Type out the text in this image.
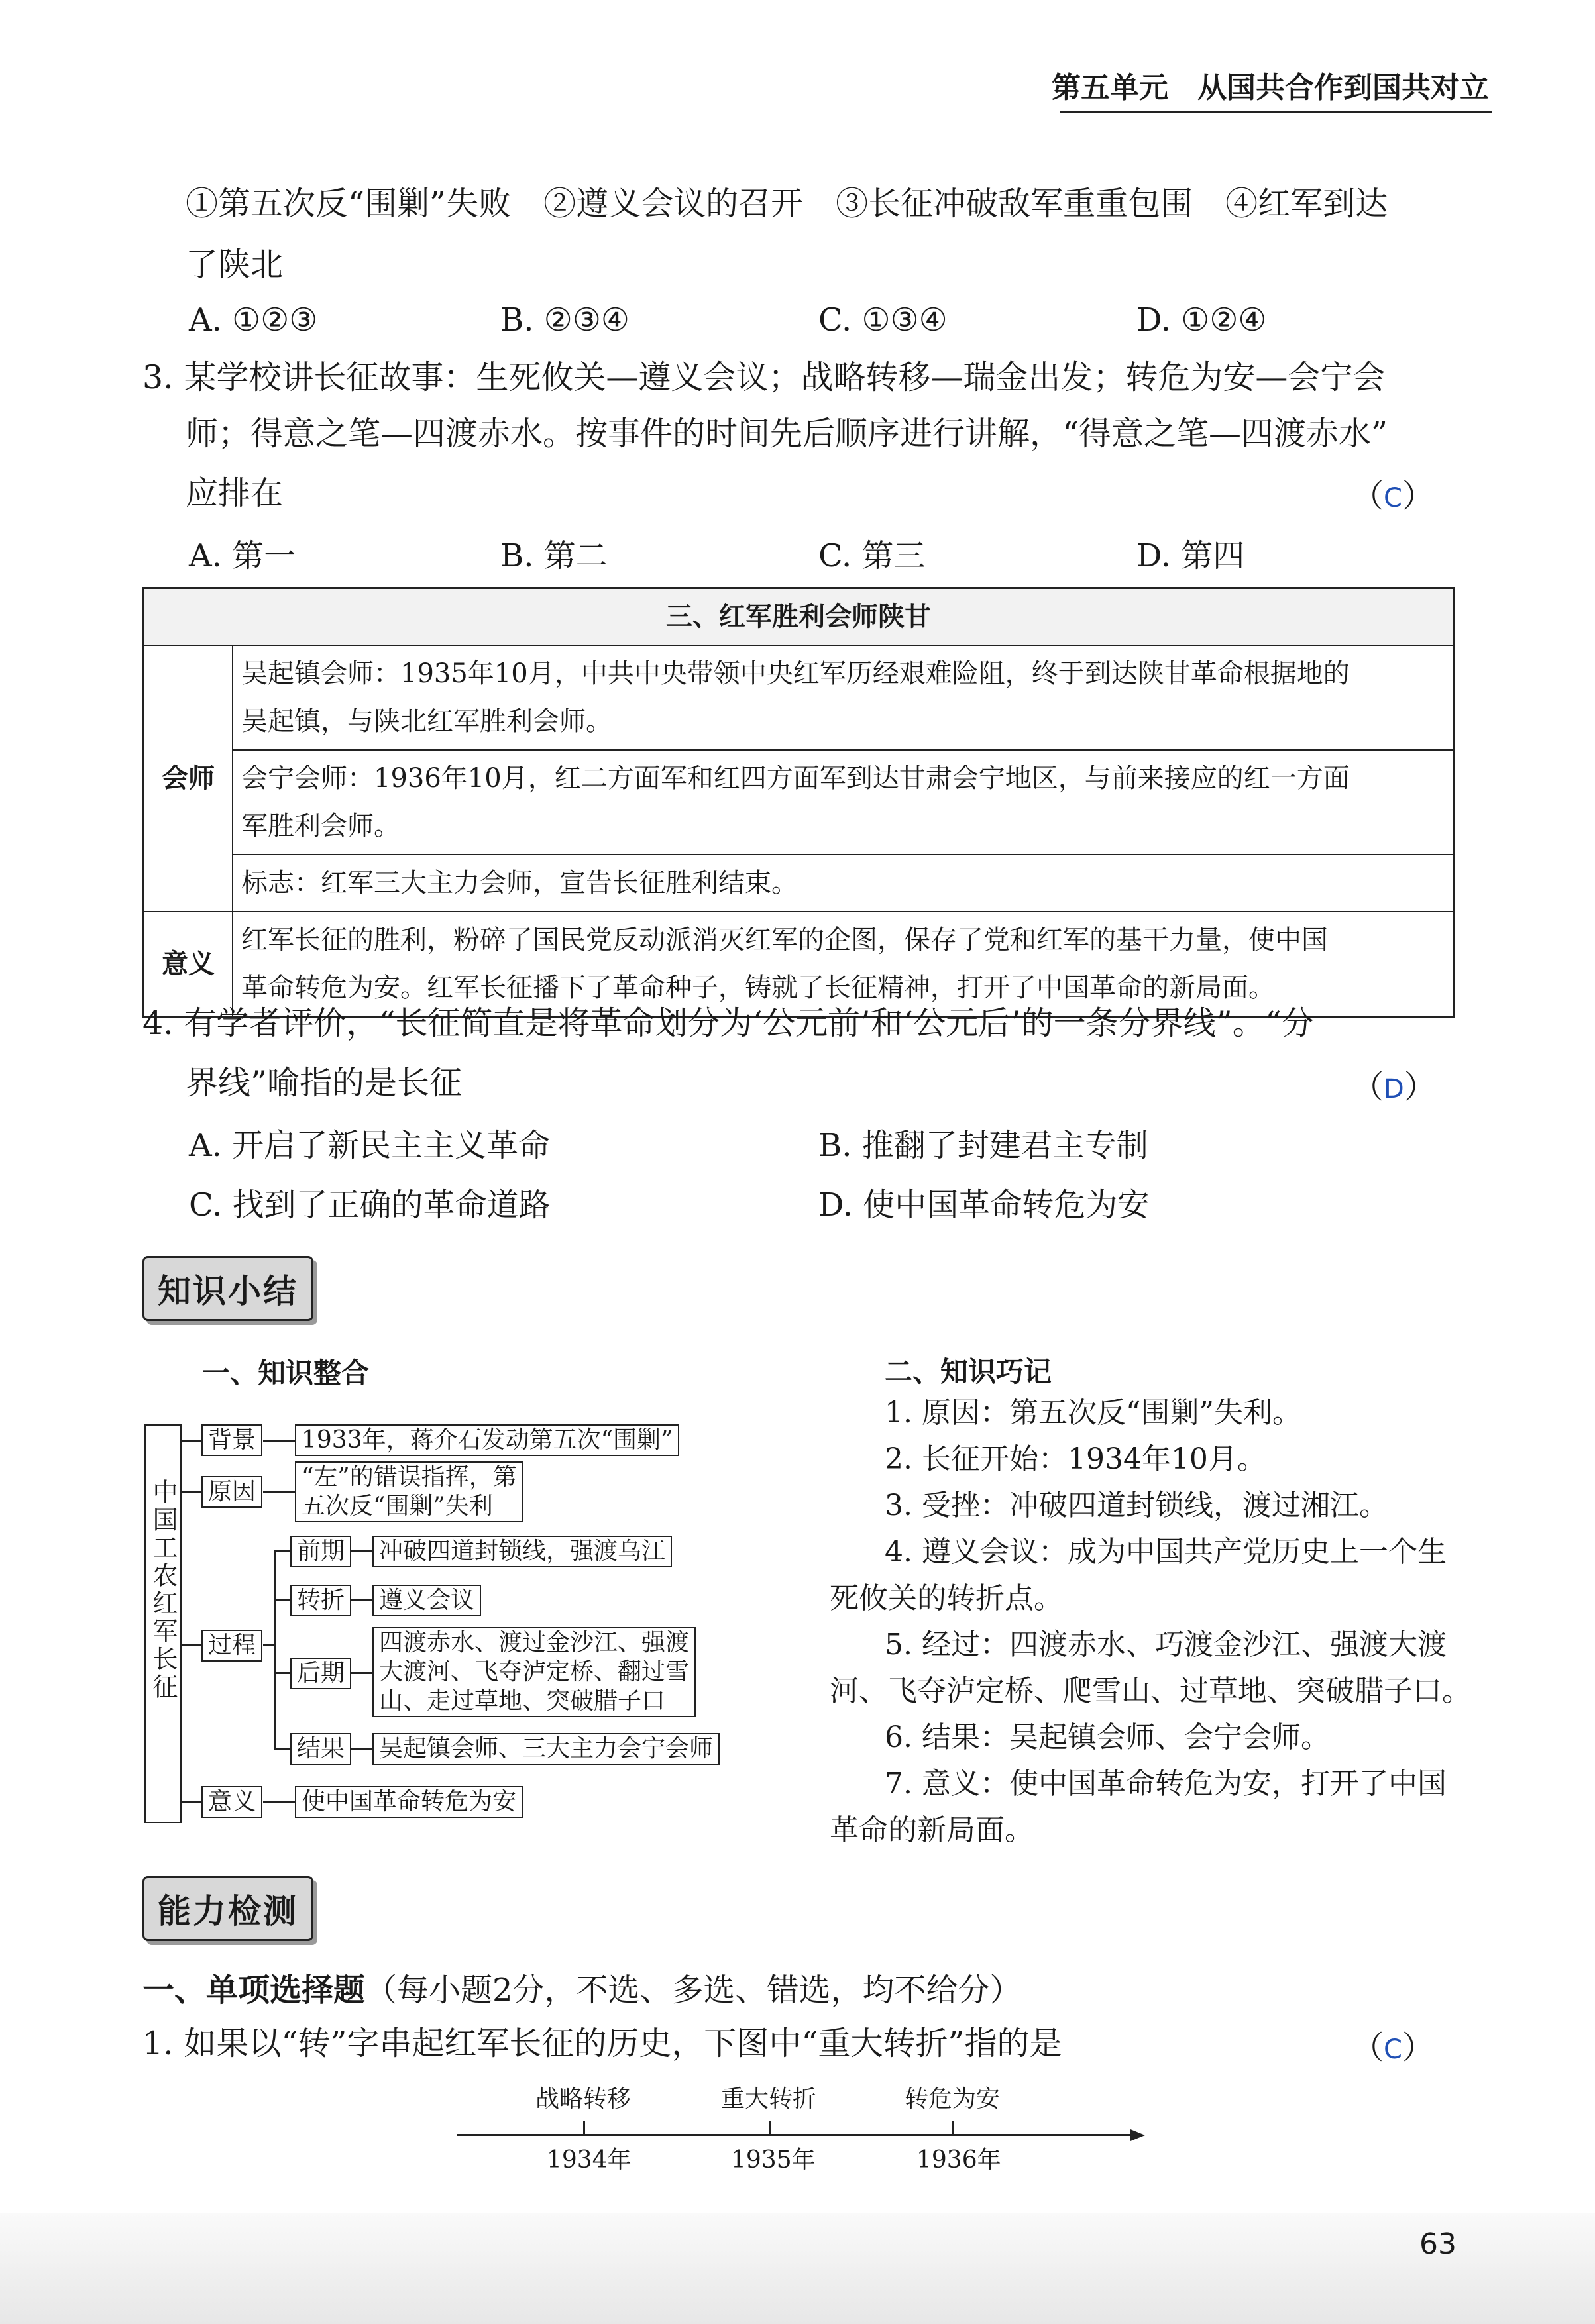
第五单元　从国共合作到国共对立
①第五次反“围剿”失败　②遵义会议的召开　③长征冲破敌军重重包围　④红军到达
了陕北
A. ①②③	B. ②③④	C. ①③④	D. ①②④
3. 某学校讲长征故事：生死攸关—遵义会议；战略转移—瑞金出发；转危为安—会宁会
师；得意之笔—四渡赤水。按事件的时间先后顺序进行讲解，“得意之笔—四渡赤水”
应排在	（C）
A. 第一	B. 第二	C. 第三	D. 第四
三、红军胜利会师陕甘	
会师	吴起镇会师：1935年10月，中共中央带领中央红军历经艰难险阻，终于到达陕甘革命根据地的
吴起镇，与陕北红军胜利会师。
	会宁会师：1936年10月，红二方面军和红四方面军到达甘肃会宁地区，与前来接应的红一方面
军胜利会师。
	标志：红军三大主力会师，宣告长征胜利结束。
意义	红军长征的胜利，粉碎了国民党反动派消灭红军的企图，保存了党和红军的基干力量，使中国
革命转危为安。红军长征播下了革命种子，铸就了长征精神，打开了中国革命的新局面。
4. 有学者评价，“长征简直是将革命划分为‘公元前’和‘公元后’的一条分界线”。“分
界线”喻指的是长征	（D）
A. 开启了新民主主义革命	B. 推翻了封建君主专制
C. 找到了正确的革命道路	D. 使中国革命转危为安
知识小结
一、知识整合	二、知识巧记
中国工农红军长征
背景 1933年，蒋介石发动第五次“围剿”
原因
“左”的错误指挥，第
五次反“围剿”失利
过程
前期 冲破四道封锁线，强渡乌江
转折 遵义会议
后期
四渡赤水、渡过金沙江、强渡
大渡河、飞夺泸定桥、翻过雪
山、走过草地、突破腊子口
结果 吴起镇会师、三大主力会宁会师
意义 使中国革命转危为安
1. 原因：第五次反“围剿”失利。
2. 长征开始：1934年10月。
3. 受挫：冲破四道封锁线，渡过湘江。
4. 遵义会议：成为中国共产党历史上一个生
死攸关的转折点。
5. 经过：四渡赤水、巧渡金沙江、强渡大渡
河、飞夺泸定桥、爬雪山、过草地、突破腊子口。
6. 结果：吴起镇会师、会宁会师。
7. 意义：使中国革命转危为安，打开了中国
革命的新局面。
能力检测
一、单项选择题（每小题2分，不选、多选、错选，均不给分）
1. 如果以“转”字串起红军长征的历史，下图中“重大转折”指的是	（C）
战略转移
1934年
重大转折
1935年
转危为安
1936年
63
